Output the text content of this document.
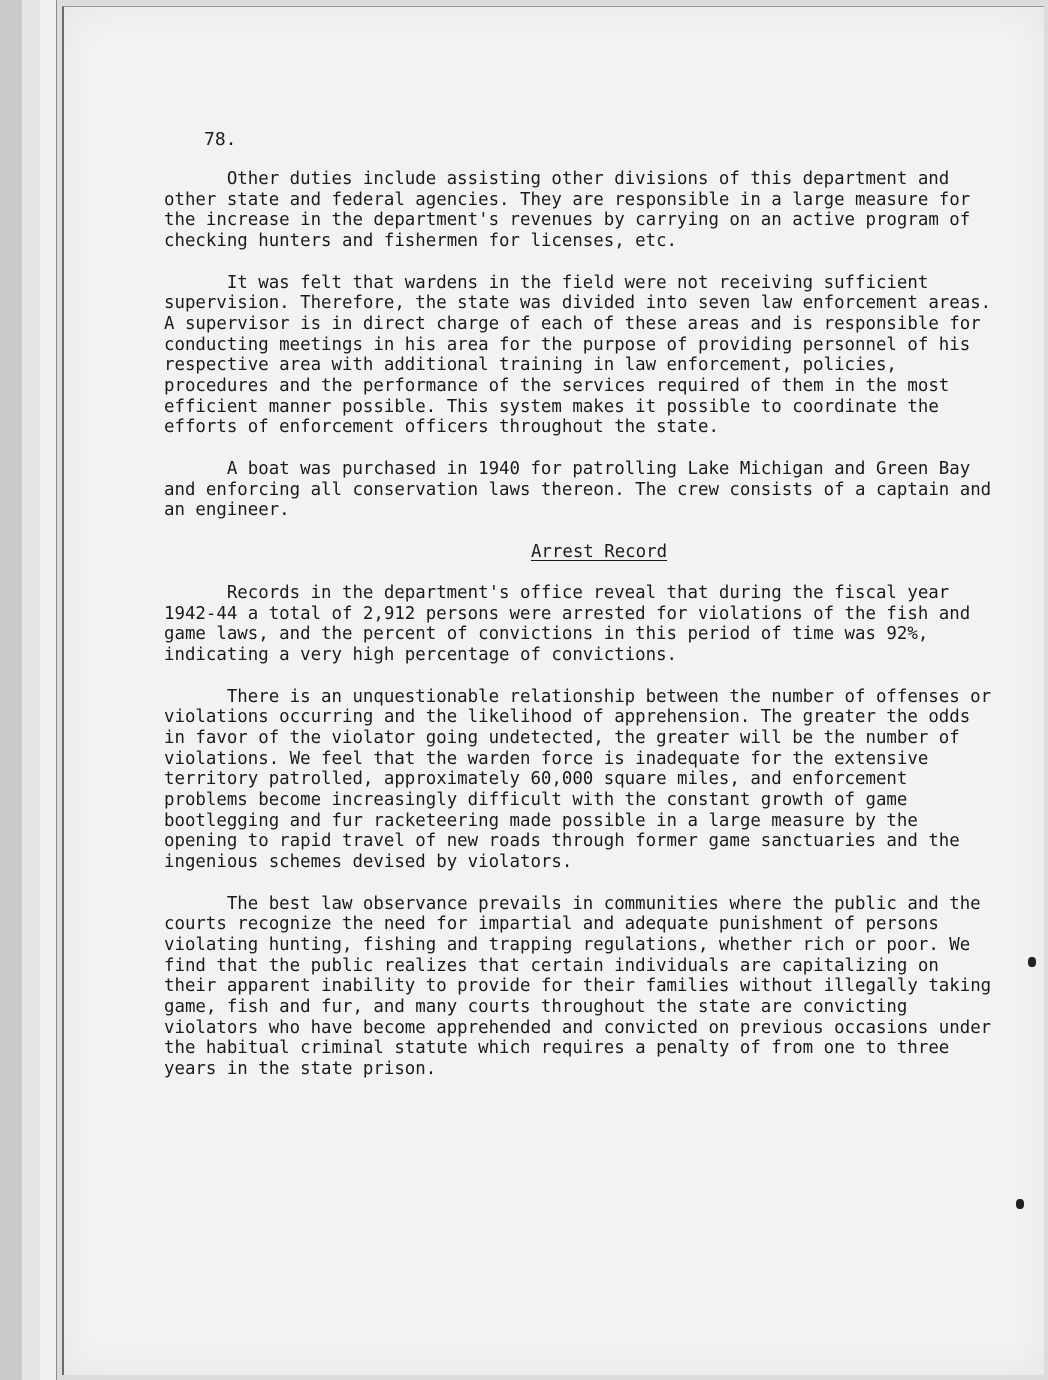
78.

Other duties include assisting other divisions of this department and other state and federal agencies. They are responsible in a large measure for the increase in the department's revenues by carrying on an active program of checking hunters and fishermen for licenses, etc.

It was felt that wardens in the field were not receiving sufficient supervision. Therefore, the state was divided into seven law enforcement areas. A supervisor is in direct charge of each of these areas and is responsible for conducting meetings in his area for the purpose of providing personnel of his respective area with additional training in law enforcement, policies, procedures and the performance of the services required of them in the most efficient manner possible. This system makes it possible to coordinate the efforts of enforcement officers throughout the state.

A boat was purchased in 1940 for patrolling Lake Michigan and Green Bay and enforcing all conservation laws thereon. The crew consists of a captain and an engineer.

Arrest Record

Records in the department's office reveal that during the fiscal year 1942-44 a total of 2,912 persons were arrested for violations of the fish and game laws, and the percent of convictions in this period of time was 92%, indicating a very high percentage of convictions.

There is an unquestionable relationship between the number of offenses or violations occurring and the likelihood of apprehension. The greater the odds in favor of the violator going undetected, the greater will be the number of violations. We feel that the warden force is inadequate for the extensive territory patrolled, approximately 60,000 square miles, and enforcement problems become increasingly difficult with the constant growth of game bootlegging and fur racketeering made possible in a large measure by the opening to rapid travel of new roads through former game sanctuaries and the ingenious schemes devised by violators.

The best law observance prevails in communities where the public and the courts recognize the need for impartial and adequate punishment of persons violating hunting, fishing and trapping regulations, whether rich or poor. We find that the public realizes that certain individuals are capitalizing on their apparent inability to provide for their families without illegally taking game, fish and fur, and many courts throughout the state are convicting violators who have become apprehended and convicted on previous occasions under the habitual criminal statute which requires a penalty of from one to three years in the state prison.
